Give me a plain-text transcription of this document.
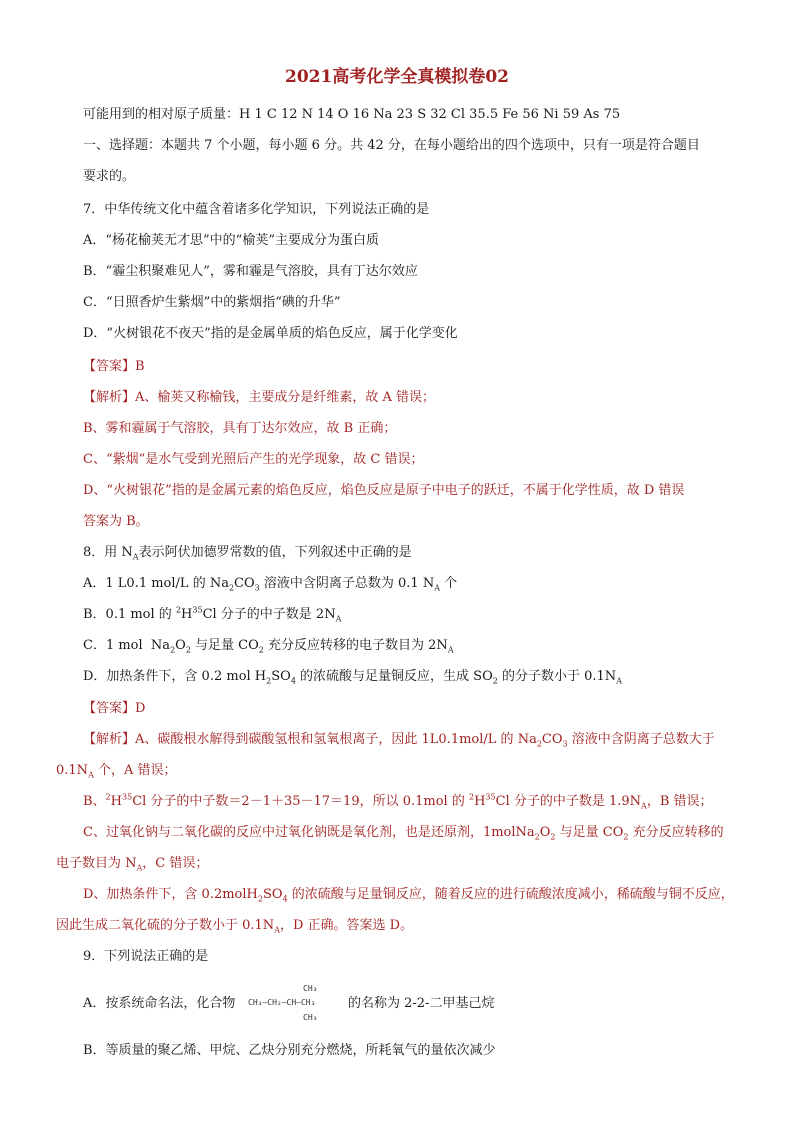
2021高考化学全真模拟卷02
可能用到的相对原子质量：H 1 C 12 N 14 O 16 Na 23 S 32 Cl 35.5 Fe 56 Ni 59 As 75
一、选择题：本题共 7 个小题，每小题 6 分。共 42 分，在每小题给出的四个选项中，只有一项是符合题目
要求的。
7．中华传统文化中蕴含着诸多化学知识，下列说法正确的是
A．“杨花榆荚无才思”中的“榆荚”主要成分为蛋白质
B．“霾尘积聚难见人”，雾和霾是气溶胶，具有丁达尔效应
C．“日照香炉生紫烟”中的紫烟指“碘的升华”
D．“火树银花不夜天”指的是金属单质的焰色反应，属于化学变化
【答案】B
【解析】A、榆荚又称榆钱，主要成分是纤维素，故 A 错误；
B、雾和霾属于气溶胶，具有丁达尔效应，故 B 正确；
C、“紫烟”是水气受到光照后产生的光学现象，故 C 错误；
D、“火树银花”指的是金属元素的焰色反应，焰色反应是原子中电子的跃迁，不属于化学性质，故 D 错误
答案为 B。
8．用 $N_A$表示阿伏加德罗常数的值，下列叙述中正确的是
A．1 L0.1 mol/L 的 $Na_2CO_3$ 溶液中含阴离子总数为 0.1 $N_A$ 个
B．0.1 mol 的 $^2H^{35}Cl$ 分子的中子数是 $2N_A$
C．1 mol  $Na_2O_2$ 与足量 $CO_2$ 充分反应转移的电子数目为 $2N_A$
D．加热条件下，含 0.2 mol $H_2SO_4$ 的浓硫酸与足量铜反应，生成 $SO_2$ 的分子数小于 $0.1N_A$
【答案】D
【解析】A、碳酸根水解得到碳酸氢根和氢氧根离子，因此 1L0.1mol/L 的 $Na_2CO_3$ 溶液中含阴离子总数大于
$0.1N_A$ 个，A 错误；
B、$^2H^{35}Cl$ 分子的中子数＝2－1＋35－17＝19，所以 0.1mol 的 $^2H^{35}Cl$ 分子的中子数是 $1.9N_A$，B 错误；
C、过氧化钠与二氧化碳的反应中过氧化钠既是氧化剂，也是还原剂，$1molNa_2O_2$ 与足量 $CO_2$ 充分反应转移的
电子数目为 $N_A$，C 错误；
D、加热条件下，含 $0.2molH_2SO_4$ 的浓硫酸与足量铜反应，随着反应的进行硫酸浓度减小，稀硫酸与铜不反应，
因此生成二氧化硫的分子数小于 $0.1N_A$，D 正确。答案选 D。
9．下列说法正确的是
A．按系统命名法，化合物
CH₃
CH₃—CH₂—CH—CH₃
CH₃
的名称为 2-2-二甲基己烷
B．等质量的聚乙烯、甲烷、乙炔分别充分燃烧，所耗氧气的量依次减少
